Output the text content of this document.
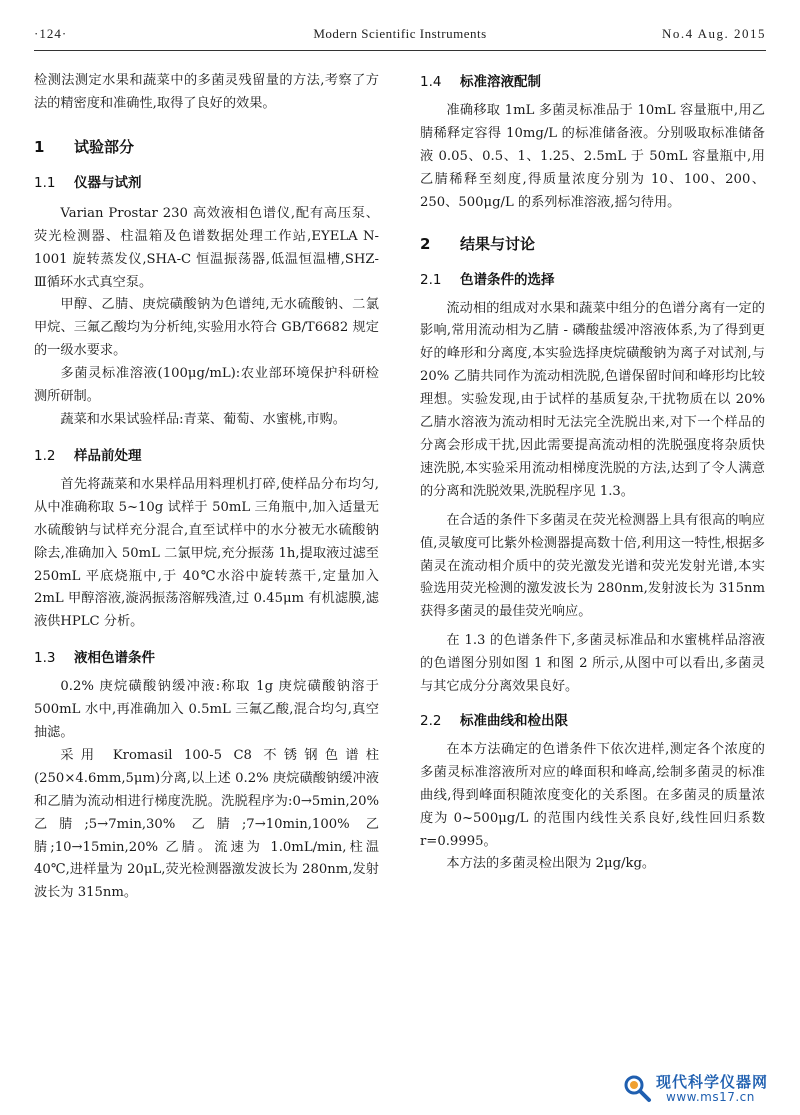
·124·	Modern Scientific Instruments	No.4 Aug. 2015

检测法测定水果和蔬菜中的多菌灵残留量的方法,考察了方法的精密度和准确性,取得了良好的效果。

1 试验部分
1.1 仪器与试剂

Varian Prostar 230 高效液相色谱仪,配有高压泵、荧光检测器、柱温箱及色谱数据处理工作站,EYELA N-1001 旋转蒸发仪,SHA-C 恒温振荡器,低温恒温槽,SHZ- Ⅲ循环水式真空泵。

甲醇、乙腈、庚烷磺酸钠为色谱纯,无水硫酸钠、二氯甲烷、三氟乙酸均为分析纯,实验用水符合 GB/T6682 规定的一级水要求。

多菌灵标准溶液(100μg/mL):农业部环境保护科研检测所研制。

蔬菜和水果试验样品:青菜、葡萄、水蜜桃,市购。

1.2 样品前处理

首先将蔬菜和水果样品用料理机打碎,使样品分布均匀,从中准确称取 5~10g 试样于 50mL 三角瓶中,加入适量无水硫酸钠与试样充分混合,直至试样中的水分被无水硫酸钠除去,准确加入 50mL 二氯甲烷,充分振荡 1h,提取液过滤至 250mL 平底烧瓶中,于 40℃水浴中旋转蒸干,定量加入 2mL 甲醇溶液,漩涡振荡溶解残渣,过 0.45μm 有机滤膜,滤液供HPLC 分析。

1.3 液相色谱条件

0.2% 庚烷磺酸钠缓冲液:称取 1g 庚烷磺酸钠溶于 500mL 水中,再准确加入 0.5mL 三氟乙酸,混合均匀,真空抽滤。

采用 Kromasil 100-5 C8 不锈钢色谱柱(250×4.6mm,5μm)分离,以上述 0.2% 庚烷磺酸钠缓冲液和乙腈为流动相进行梯度洗脱。洗脱程序为:0→5min,20% 乙腈;5→7min,30% 乙腈;7→10min,100% 乙腈;10→15min,20% 乙腈。流速为 1.0mL/min,柱温 40℃,进样量为 20μL,荧光检测器激发波长为 280nm,发射波长为 315nm。

1.4 标准溶液配制

准确移取 1mL 多菌灵标准品于 10mL 容量瓶中,用乙腈稀释定容得 10mg/L 的标准储备液。分别吸取标准储备液 0.05、0.5、1、1.25、2.5mL 于 50mL 容量瓶中,用乙腈稀释至刻度,得质量浓度分别为 10、100、200、250、500μg/L 的系列标准溶液,摇匀待用。

2 结果与讨论
2.1 色谱条件的选择

流动相的组成对水果和蔬菜中组分的色谱分离有一定的影响,常用流动相为乙腈 - 磷酸盐缓冲溶液体系,为了得到更好的峰形和分离度,本实验选择庚烷磺酸钠为离子对试剂,与 20% 乙腈共同作为流动相洗脱,色谱保留时间和峰形均比较理想。实验发现,由于试样的基质复杂,干扰物质在以 20% 乙腈水溶液为流动相时无法完全洗脱出来,对下一个样品的分离会形成干扰,因此需要提高流动相的洗脱强度将杂质快速洗脱,本实验采用流动相梯度洗脱的方法,达到了令人满意的分离和洗脱效果,洗脱程序见 1.3。

在合适的条件下多菌灵在荧光检测器上具有很高的响应值,灵敏度可比紫外检测器提高数十倍,利用这一特性,根据多菌灵在流动相介质中的荧光激发光谱和荧光发射光谱,本实验选用荧光检测的激发波长为 280nm,发射波长为 315nm 获得多菌灵的最佳荧光响应。

在 1.3 的色谱条件下,多菌灵标准品和水蜜桃样品溶液的色谱图分别如图 1 和图 2 所示,从图中可以看出,多菌灵与其它成分分离效果良好。

2.2 标准曲线和检出限

在本方法确定的色谱条件下依次进样,测定各个浓度的多菌灵标准溶液所对应的峰面积和峰高,绘制多菌灵的标准曲线,得到峰面积随浓度变化的关系图。在多菌灵的质量浓度为 0~500μg/L 的范围内线性关系良好,线性回归系数 r=0.9995。

本方法的多菌灵检出限为 2μg/kg。

现代科学仪器网
www.ms17.cn
